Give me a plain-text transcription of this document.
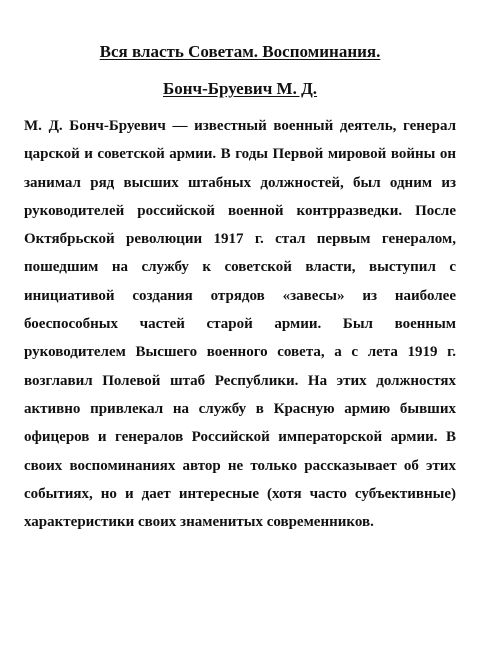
Вся власть Советам. Воспоминания.
Бонч-Бруевич М. Д.

М. Д. Бонч-Бруевич — известный военный деятель, генерал царской и советской армии. В годы Первой мировой войны он занимал ряд высших штабных должностей, был одним из руководителей российской военной контрразведки. После Октябрьской революции 1917 г. стал первым генералом, пошедшим на службу к советской власти, выступил с инициативой создания отрядов «завесы» из наиболее боеспособных частей старой армии. Был военным руководителем Высшего военного совета, а с лета 1919 г. возглавил Полевой штаб Республики. На этих должностях активно привлекал на службу в Красную армию бывших офицеров и генералов Российской императорской армии. В своих воспоминаниях автор не только рассказывает об этих событиях, но и дает интересные (хотя часто субъективные) характеристики своих знаменитых современников.
